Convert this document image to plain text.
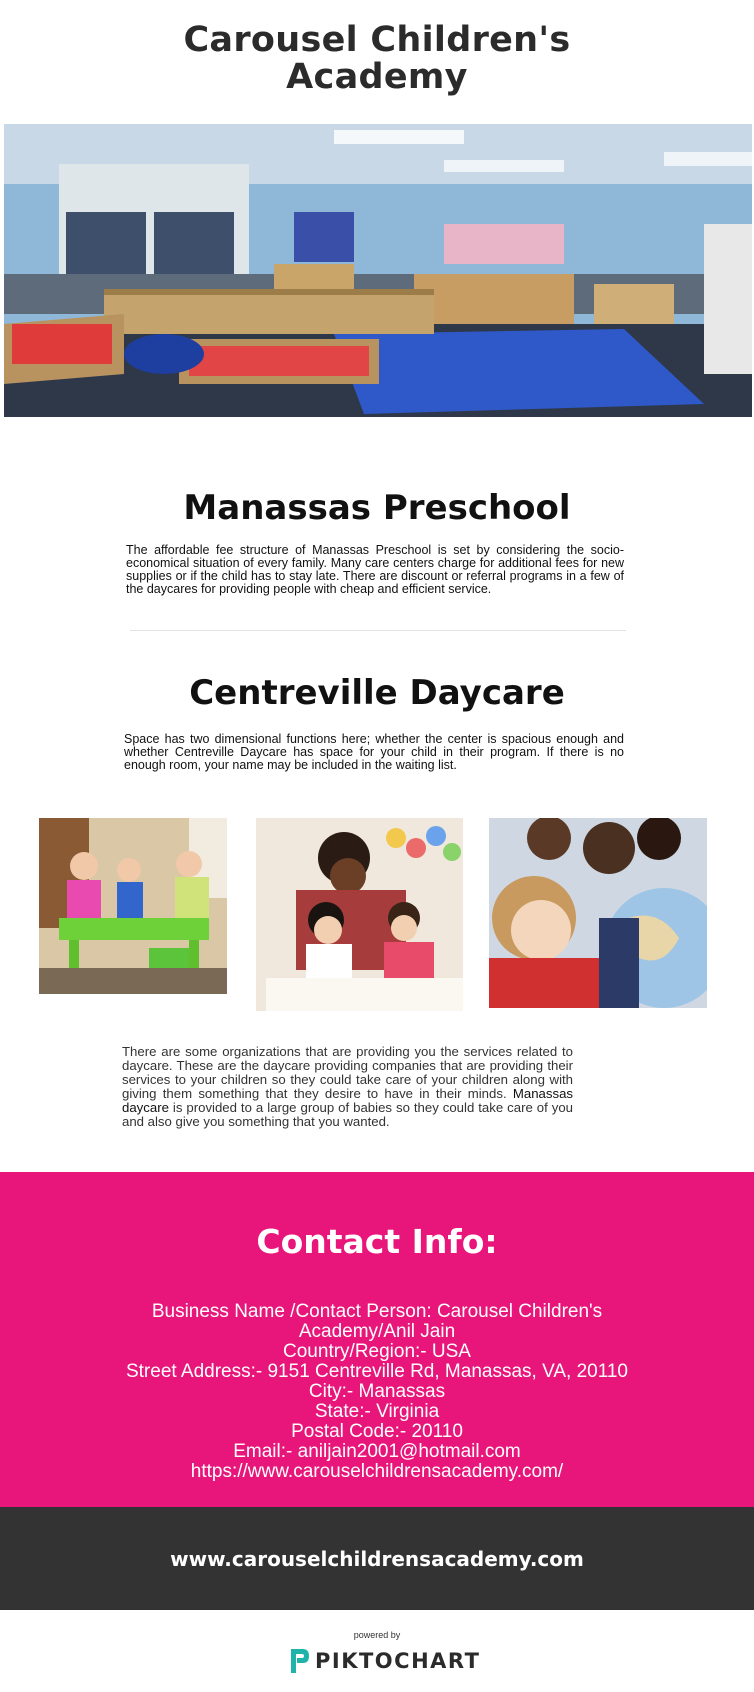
Carousel Children's
Academy
Manassas Preschool

The affordable fee structure of Manassas Preschool is set by considering the socio-economical situation of every family. Many care centers charge for additional fees for new supplies or if the child has to stay late. There are discount or referral programs in a few of the daycares for providing people with cheap and efficient service.

Centreville Daycare

Space has two dimensional functions here; whether the center is spacious enough and whether Centreville Daycare has space for your child in their program. If there is no enough room, your name may be included in the waiting list.

There are some organizations that are providing you the services related to daycare. These are the daycare providing companies that are providing their services to your children so they could take care of your children along with giving them something that they desire to have in their minds. Manassas daycare is provided to a large group of babies so they could take care of you and also give you something that you wanted.

Contact Info:
Business Name /Contact Person: Carousel Children's
Academy/Anil Jain
Country/Region:- USA
Street Address:- 9151 Centreville Rd, Manassas, VA, 20110
City:- Manassas
State:- Virginia
Postal Code:- 20110
Email:- aniljain2001@hotmail.com
https://www.carouselchildrensacademy.com/
www.carouselchildrensacademy.com
powered by
PIKTOCHART
